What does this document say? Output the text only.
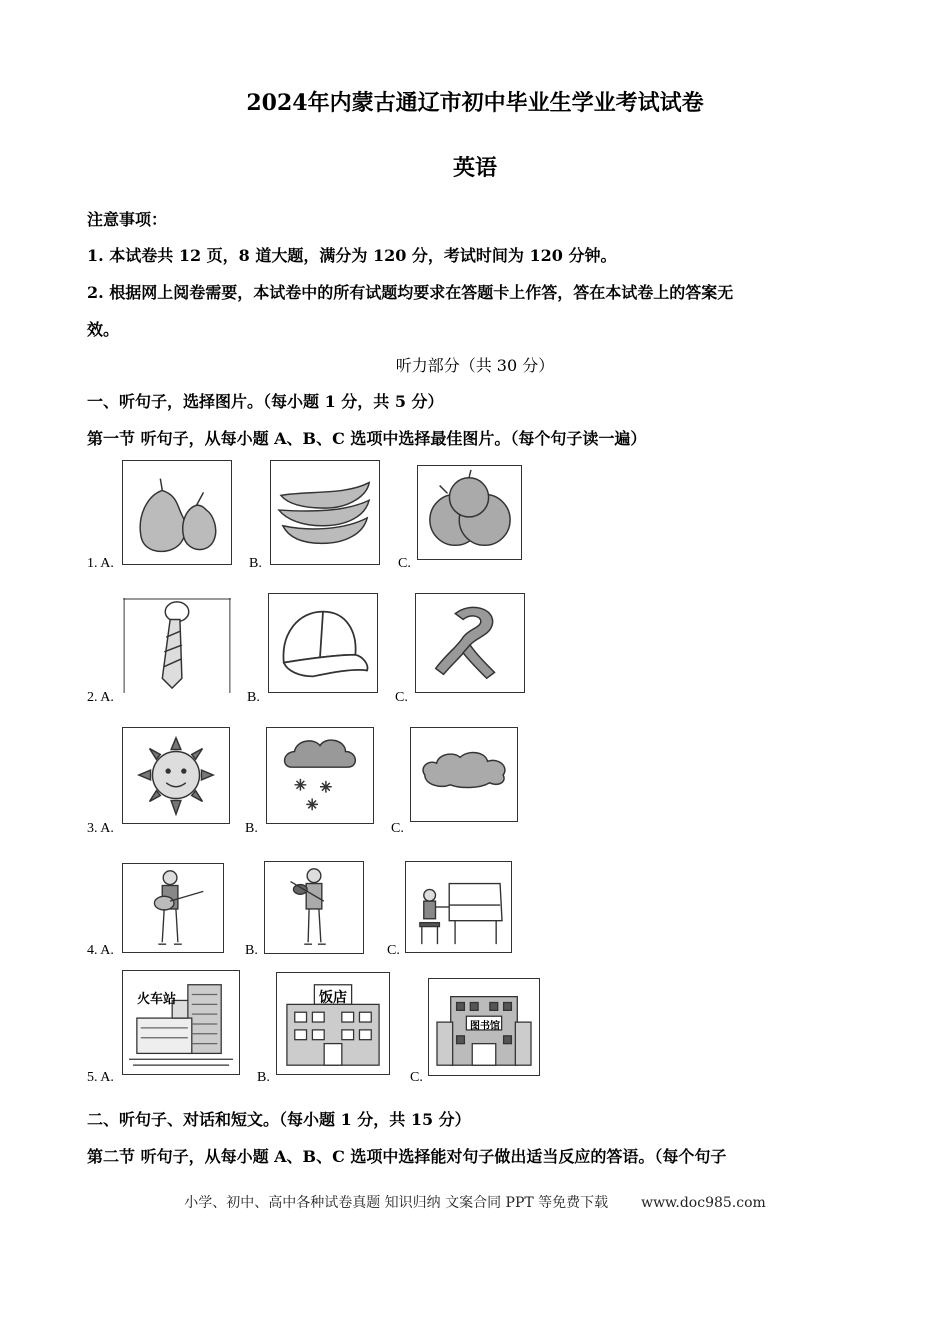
2024年内蒙古通辽市初中毕业生学业考试试卷
英语
注意事项：
1. 本试卷共 12 页，8 道大题，满分为 120 分，考试时间为 120 分钟。
2. 根据网上阅卷需要，本试卷中的所有试题均要求在答题卡上作答，答在本试卷上的答案无
效。
听力部分（共 30 分）
一、听句子，选择图片。（每小题 1 分，共 5 分）
第一节 听句子，从每小题 A、B、C 选项中选择最佳图片。（每个句子读一遍）
1. A.	B.	C.
2. A.	B.	C.
3. A.	B.	C.
4. A.	B.	C.
火车站	饭店
图书馆
5. A.	B.	C.
二、听句子、对话和短文。（每小题 1 分，共 15 分）
第二节 听句子，从每小题 A、B、C 选项中选择能对句子做出适当反应的答语。（每个句子
小学、初中、高中各种试卷真题 知识归纳 文案合同 PPT 等免费下载 www.doc985.com
